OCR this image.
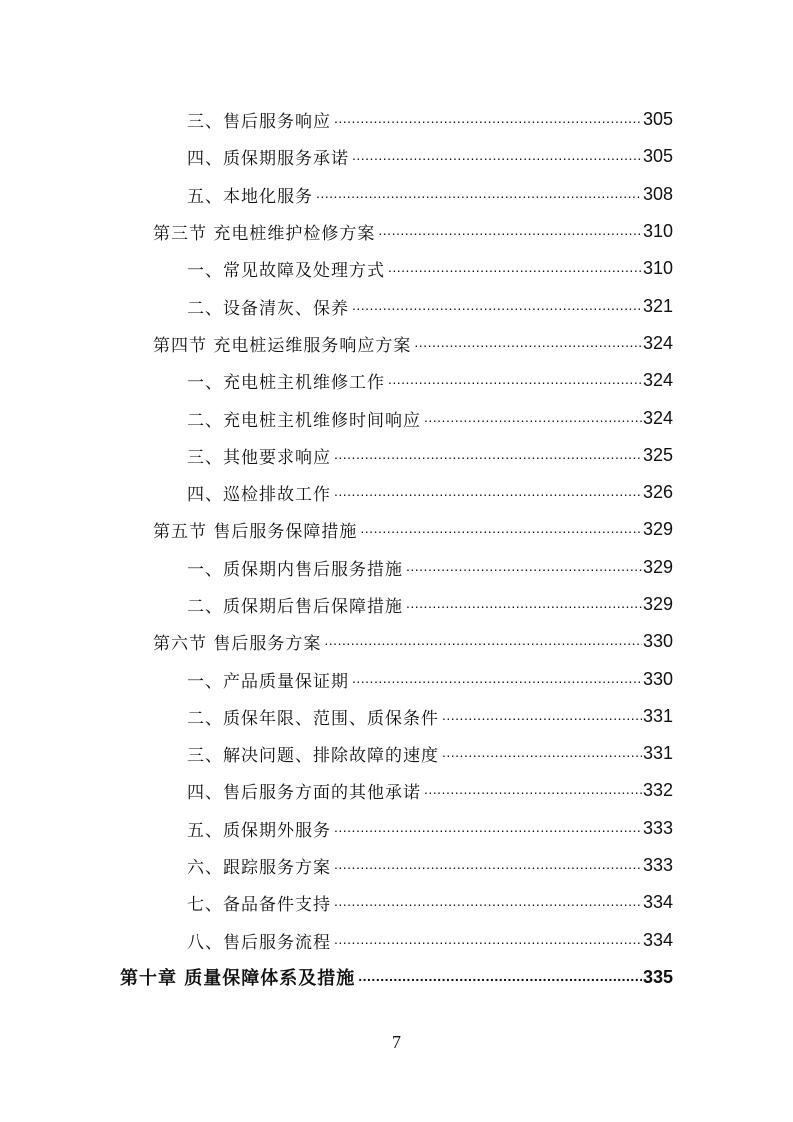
三、售后服务响应 .....	305
四、质保期服务承诺 .....	305
五、本地化服务 .....	308
第三节 充电桩维护检修方案 .....	310
一、常见故障及处理方式 .....	310
二、设备清灰、保养 .....	321
第四节 充电桩运维服务响应方案 .....	324
一、充电桩主机维修工作 .....	324
二、充电桩主机维修时间响应 .....	324
三、其他要求响应 .....	325
四、巡检排故工作 .....	326
第五节 售后服务保障措施 .....	329
一、质保期内售后服务措施 .....	329
二、质保期后售后保障措施 .....	329
第六节 售后服务方案 .....	330
一、产品质量保证期 .....	330
二、质保年限、范围、质保条件 .....	331
三、解决问题、排除故障的速度 .....	331
四、售后服务方面的其他承诺 .....	332
五、质保期外服务 .....	333
六、跟踪服务方案 .....	333
七、备品备件支持 .....	334
八、售后服务流程 .....	334
第十章 质量保障体系及措施 .....	335
7
